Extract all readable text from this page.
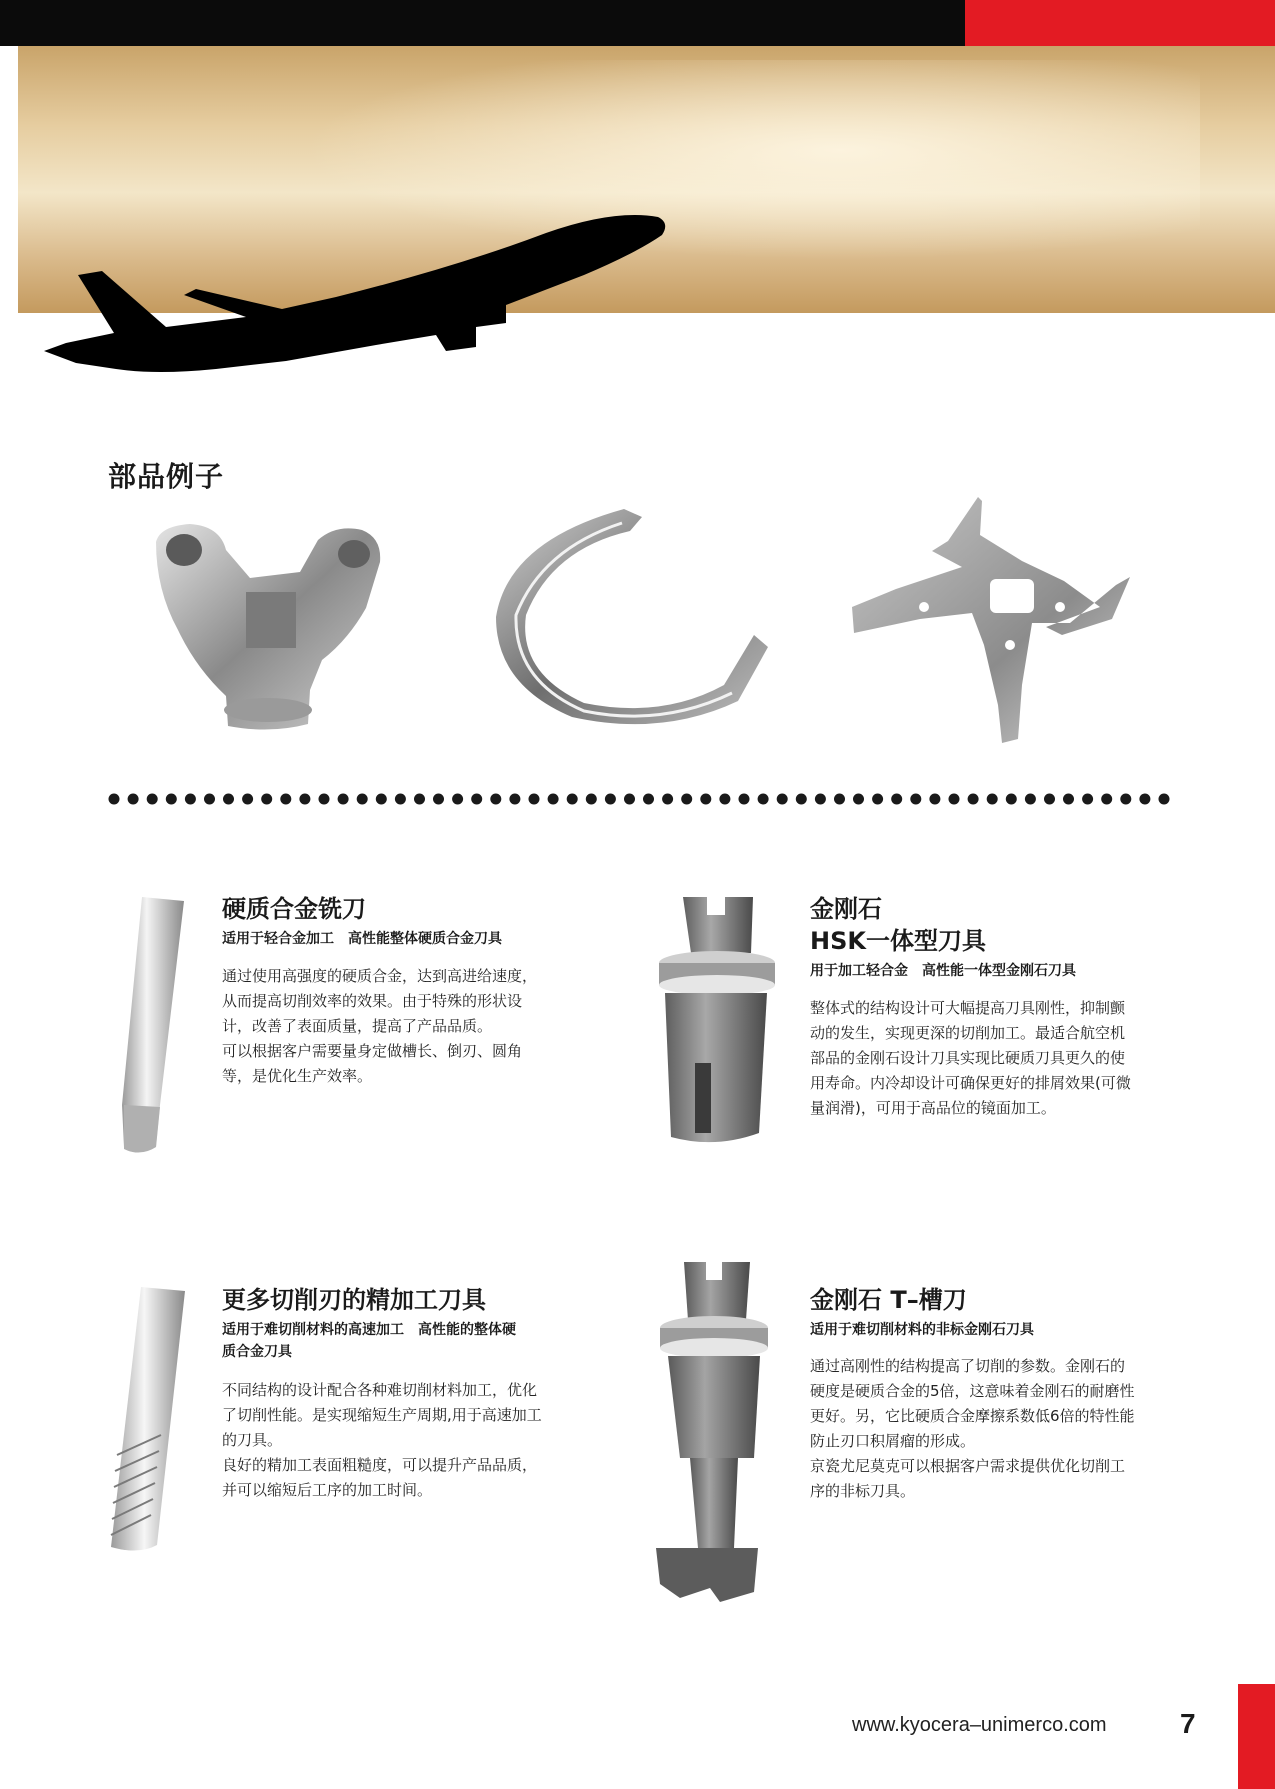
部品例子
硬质合金铣刀
适用于轻合金加工　高性能整体硬质合金刀具
通过使用高强度的硬质合金，达到高进给速度，
从而提高切削效率的效果。由于特殊的形状设
计，改善了表面质量，提高了产品品质。
可以根据客户需要量身定做槽长、倒刃、圆角
等，是优化生产效率。
金刚石
HSK一体型刀具
用于加工轻合金　高性能一体型金刚石刀具
整体式的结构设计可大幅提高刀具刚性，抑制颤
动的发生，实现更深的切削加工。最适合航空机
部品的金刚石设计刀具实现比硬质刀具更久的使
用寿命。内冷却设计可确保更好的排屑效果(可微
量润滑)，可用于高品位的镜面加工。
更多切削刃的精加工刀具
适用于难切削材料的高速加工　高性能的整体硬
质合金刀具
不同结构的设计配合各种难切削材料加工，优化
了切削性能。是实现缩短生产周期,用于高速加工
的刀具。
良好的精加工表面粗糙度，可以提升产品品质，
并可以缩短后工序的加工时间。
金刚石 T–槽刀
适用于难切削材料的非标金刚石刀具
通过高刚性的结构提高了切削的参数。金刚石的
硬度是硬质合金的5倍，这意味着金刚石的耐磨性
更好。另，它比硬质合金摩擦系数低6倍的特性能
防止刃口积屑瘤的形成。
京瓷尤尼莫克可以根据客户需求提供优化切削工
序的非标刀具。
www.kyocera–unimerco.com	7
